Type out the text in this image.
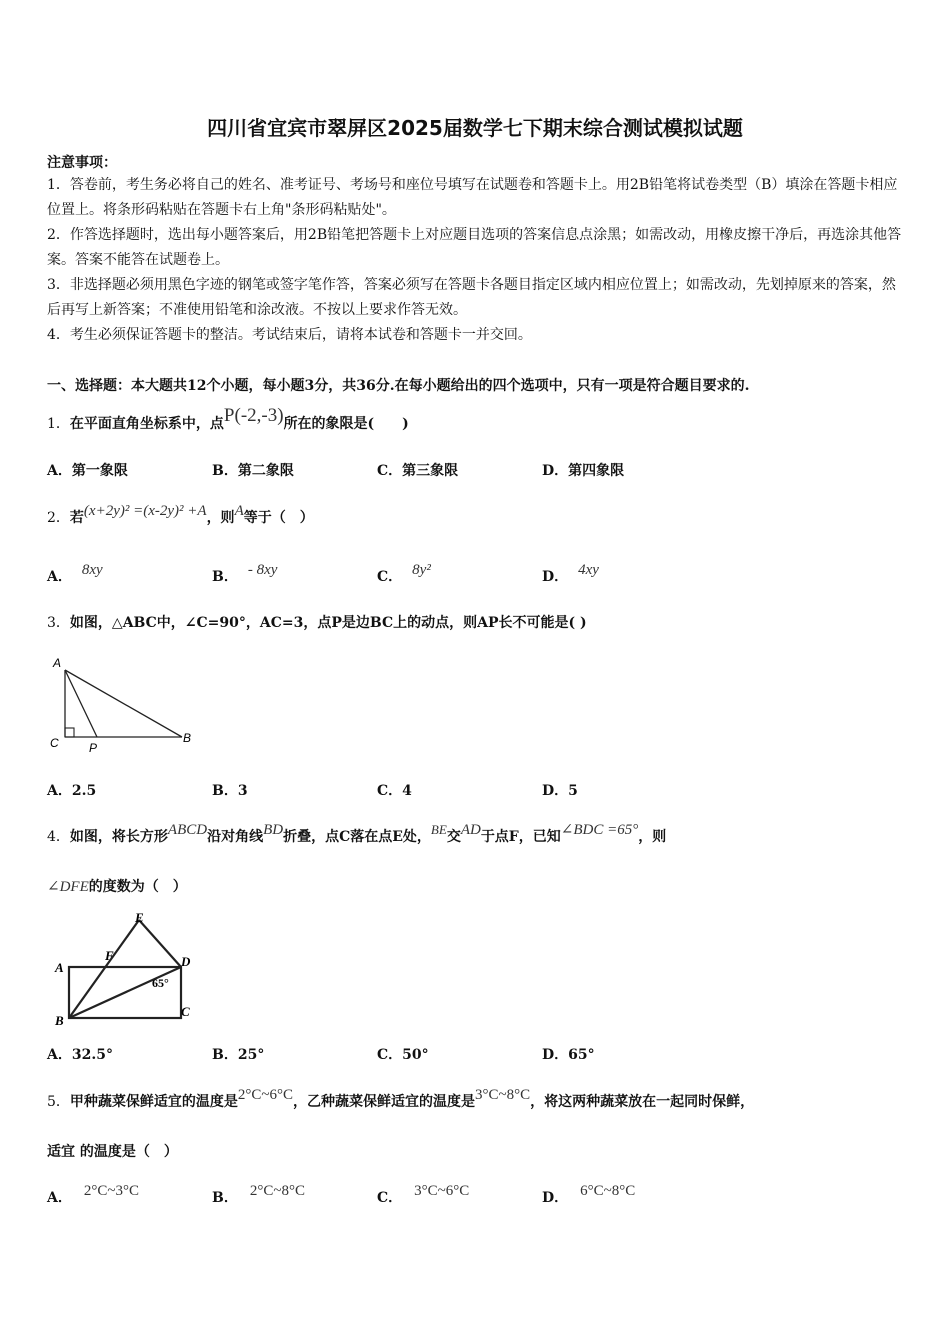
四川省宜宾市翠屏区2025届数学七下期末综合测试模拟试题
注意事项：
1．答卷前，考生务必将自己的姓名、准考证号、考场号和座位号填写在试题卷和答题卡上。用2B铅笔将试卷类型（B）填涂在答题卡相应位置上。将条形码粘贴在答题卡右上角"条形码粘贴处"。
2．作答选择题时，选出每小题答案后，用2B铅笔把答题卡上对应题目选项的答案信息点涂黑；如需改动，用橡皮擦干净后，再选涂其他答案。答案不能答在试题卷上。
3．非选择题必须用黑色字迹的钢笔或签字笔作答，答案必须写在答题卡各题目指定区域内相应位置上；如需改动，先划掉原来的答案，然后再写上新答案；不准使用铅笔和涂改液。不按以上要求作答无效。
4．考生必须保证答题卡的整洁。考试结束后，请将本试卷和答题卡一并交回。
一、选择题：本大题共12个小题，每小题3分，共36分.在每小题给出的四个选项中，只有一项是符合题目要求的.
1．在平面直角坐标系中，点P(-2,-3)所在的象限是(　　)
A．第一象限	B．第二象限	C．第三象限	D．第四象限
2．若(x+2y)² =(x-2y)² +A，则A等于（　）
A． 8xy	B． - 8xy	C． 8y²	D． 4xy
3．如图，△ABC中，∠C=90°，AC=3，点P是边BC上的动点，则AP长不可能是( )
A
B
C	P
A．2.5	B．3	C．4	D．5
4．如图，将长方形ABCD沿对角线BD折叠，点C落在点E处，BE交AD于点F，已知∠BDC =65°，则
∠DFE的度数为（　）
A
B
C
D
E
F
65°
A．32.5°	B．25°	C．50°	D．65°
5．甲种蔬菜保鲜适宜的温度是2°C~6°C，乙种蔬菜保鲜适宜的温度是3°C~8°C，将这两种蔬菜放在一起同时保鲜，
适宜 的温度是（　）
A． 2°C~3°C	B． 2°C~8°C	C． 3°C~6°C	D． 6°C~8°C
